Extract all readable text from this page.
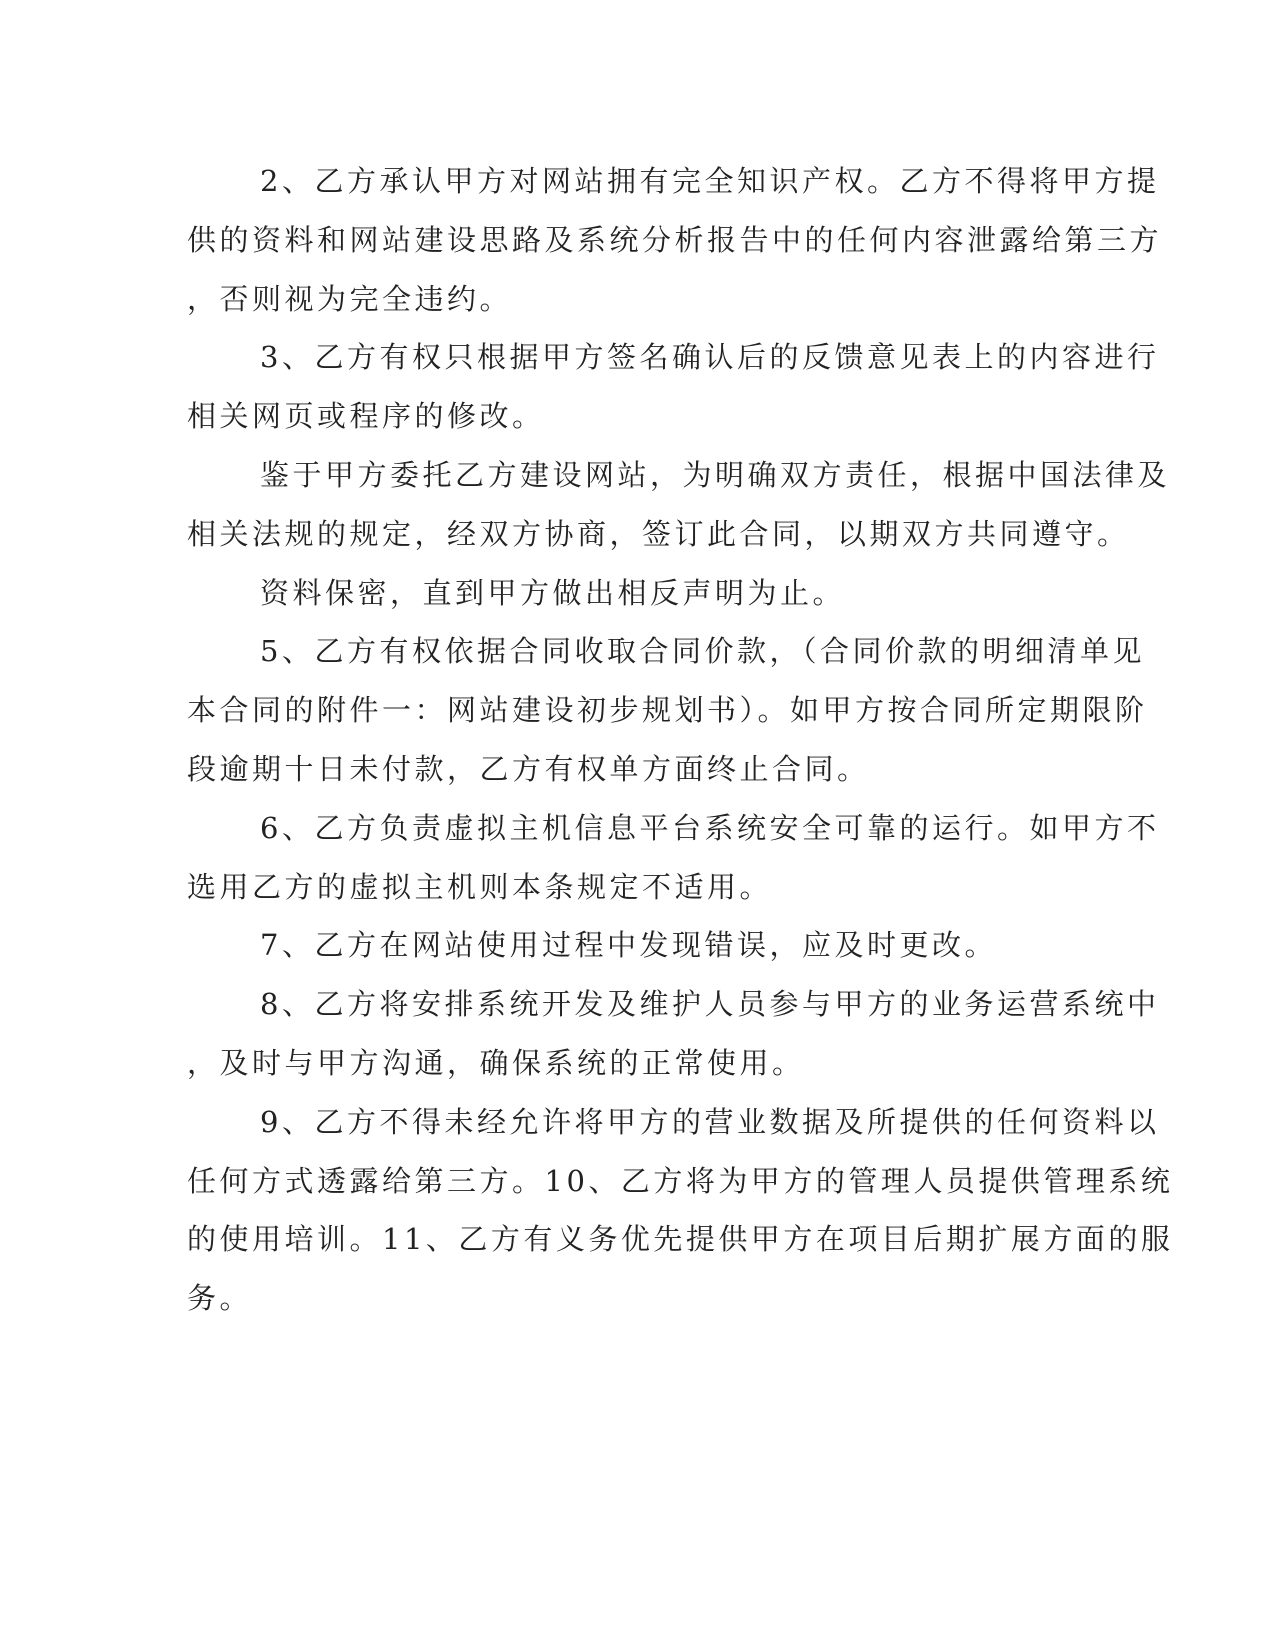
2、乙方承认甲方对网站拥有完全知识产权。乙方不得将甲方提
供的资料和网站建设思路及系统分析报告中的任何内容泄露给第三方
，否则视为完全违约。
3、乙方有权只根据甲方签名确认后的反馈意见表上的内容进行
相关网页或程序的修改。
鉴于甲方委托乙方建设网站，为明确双方责任，根据中国法律及
相关法规的规定，经双方协商，签订此合同，以期双方共同遵守。
资料保密，直到甲方做出相反声明为止。
5、乙方有权依据合同收取合同价款，（合同价款的明细清单见
本合同的附件一：网站建设初步规划书）。如甲方按合同所定期限阶
段逾期十日未付款，乙方有权单方面终止合同。
6、乙方负责虚拟主机信息平台系统安全可靠的运行。如甲方不
选用乙方的虚拟主机则本条规定不适用。
7、乙方在网站使用过程中发现错误，应及时更改。
8、乙方将安排系统开发及维护人员参与甲方的业务运营系统中
，及时与甲方沟通，确保系统的正常使用。
9、乙方不得未经允许将甲方的营业数据及所提供的任何资料以
任何方式透露给第三方。10、乙方将为甲方的管理人员提供管理系统
的使用培训。11、乙方有义务优先提供甲方在项目后期扩展方面的服
务。
